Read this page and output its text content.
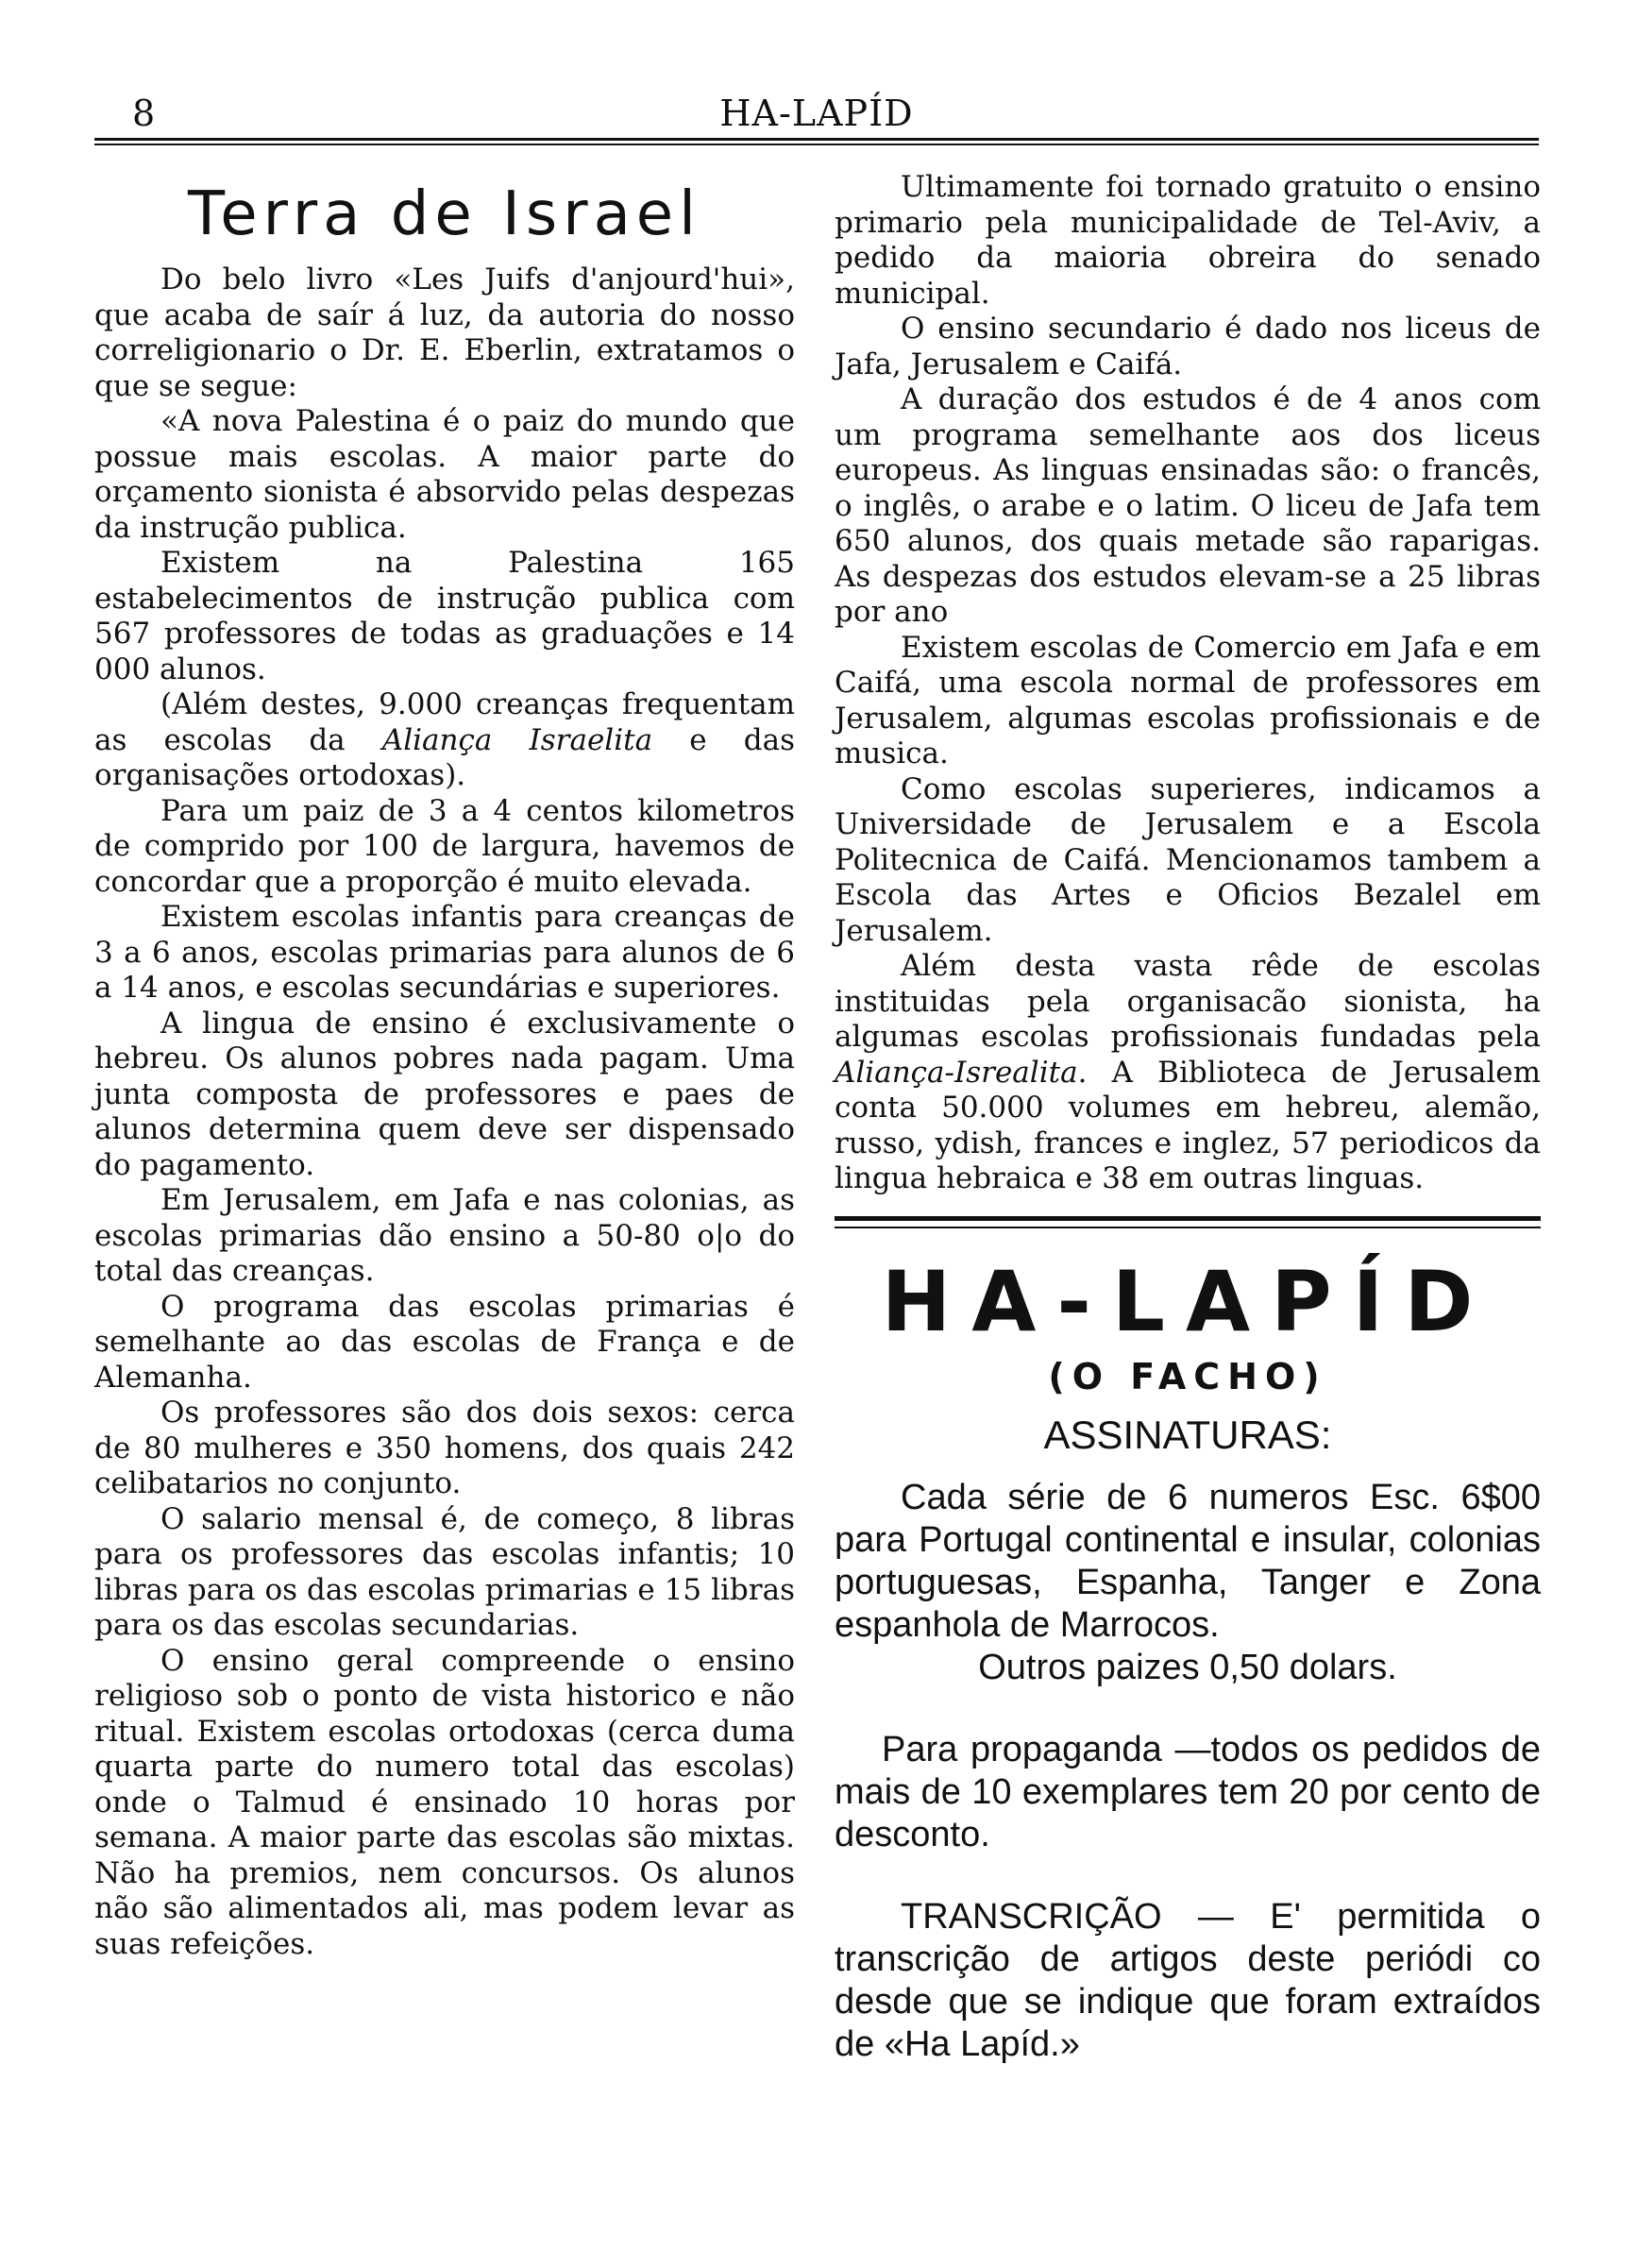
8	HA-LAPÍD
Terra de Israel

Do belo livro «Les Juifs d'anjourd'hui», que acaba de saír á luz, da autoria do nosso correligionario o Dr. E. Eberlin, extratamos o que se segue:

«A nova Palestina é o paiz do mundo que possue mais escolas. A maior parte do orçamento sionista é absorvido pelas despezas da instrução publica.

Existem na Palestina 165 estabelecimentos de instrução publica com 567 professores de todas as graduações e 14 000 alunos.

(Além destes, 9.000 creanças frequentam as escolas da Aliança Israelita e das organisações ortodoxas).

Para um paiz de 3 a 4 centos kilometros de comprido por 100 de largura, havemos de concordar que a proporção é muito elevada.

Existem escolas infantis para creanças de 3 a 6 anos, escolas primarias para alunos de 6 a 14 anos, e escolas secundárias e superiores.

A lingua de ensino é exclusivamente o hebreu. Os alunos pobres nada pagam. Uma junta composta de professores e paes de alunos determina quem deve ser dispensado do pagamento.

Em Jerusalem, em Jafa e nas colonias, as escolas primarias dão ensino a 50-80 o|o do total das creanças.

O programa das escolas primarias é semelhante ao das escolas de França e de Alemanha.

Os professores são dos dois sexos: cerca de 80 mulheres e 350 homens, dos quais 242 celibatarios no conjunto.

O salario mensal é, de começo, 8 libras para os professores das escolas infantis; 10 libras para os das escolas primarias e 15 libras para os das escolas secundarias.

O ensino geral compreende o ensino religioso sob o ponto de vista historico e não ritual. Existem escolas ortodoxas (cerca duma quarta parte do numero total das escolas) onde o Talmud é ensinado 10 horas por semana. A maior parte das escolas são mixtas. Não ha premios, nem concursos. Os alunos não são alimentados ali, mas podem levar as suas refeições.

Ultimamente foi tornado gratuito o ensino primario pela municipalidade de Tel-Aviv, a pedido da maioria obreira do senado municipal.

O ensino secundario é dado nos liceus de Jafa, Jerusalem e Caifá.

A duração dos estudos é de 4 anos com um programa semelhante aos dos liceus europeus. As linguas ensinadas são: o francês, o inglês, o arabe e o latim. O liceu de Jafa tem 650 alunos, dos quais metade são raparigas. As despezas dos estudos elevam-se a 25 libras por ano

Existem escolas de Comercio em Jafa e em Caifá, uma escola normal de professores em Jerusalem, algumas escolas profissionais e de musica.

Como escolas superieres, indicamos a Universidade de Jerusalem e a Escola Politecnica de Caifá. Mencionamos tambem a Escola das Artes e Oficios Bezalel em Jerusalem.

Além desta vasta rêde de escolas instituidas pela organisacão sionista, ha algumas escolas profissionais fundadas pela Aliança-Isrealita. A Biblioteca de Jerusalem conta 50.000 volumes em hebreu, alemão, russo, ydish, frances e inglez, 57 periodicos da lingua hebraica e 38 em outras linguas.

HA-LAPÍD
(O FACHO)
ASSINATURAS:

Cada série de 6 numeros Esc. 6$00 para Portugal continental e insular, colonias portuguesas, Espanha, Tanger e Zona espanhola de Marrocos.

Outros paizes 0,50 dolars.

Para propaganda —todos os pedidos de mais de 10 exemplares tem 20 por cento de desconto.

TRANSCRIÇÃO — E' permitida o transcrição de artigos deste periódi co desde que se indique que foram extraídos de «Ha Lapíd.»
